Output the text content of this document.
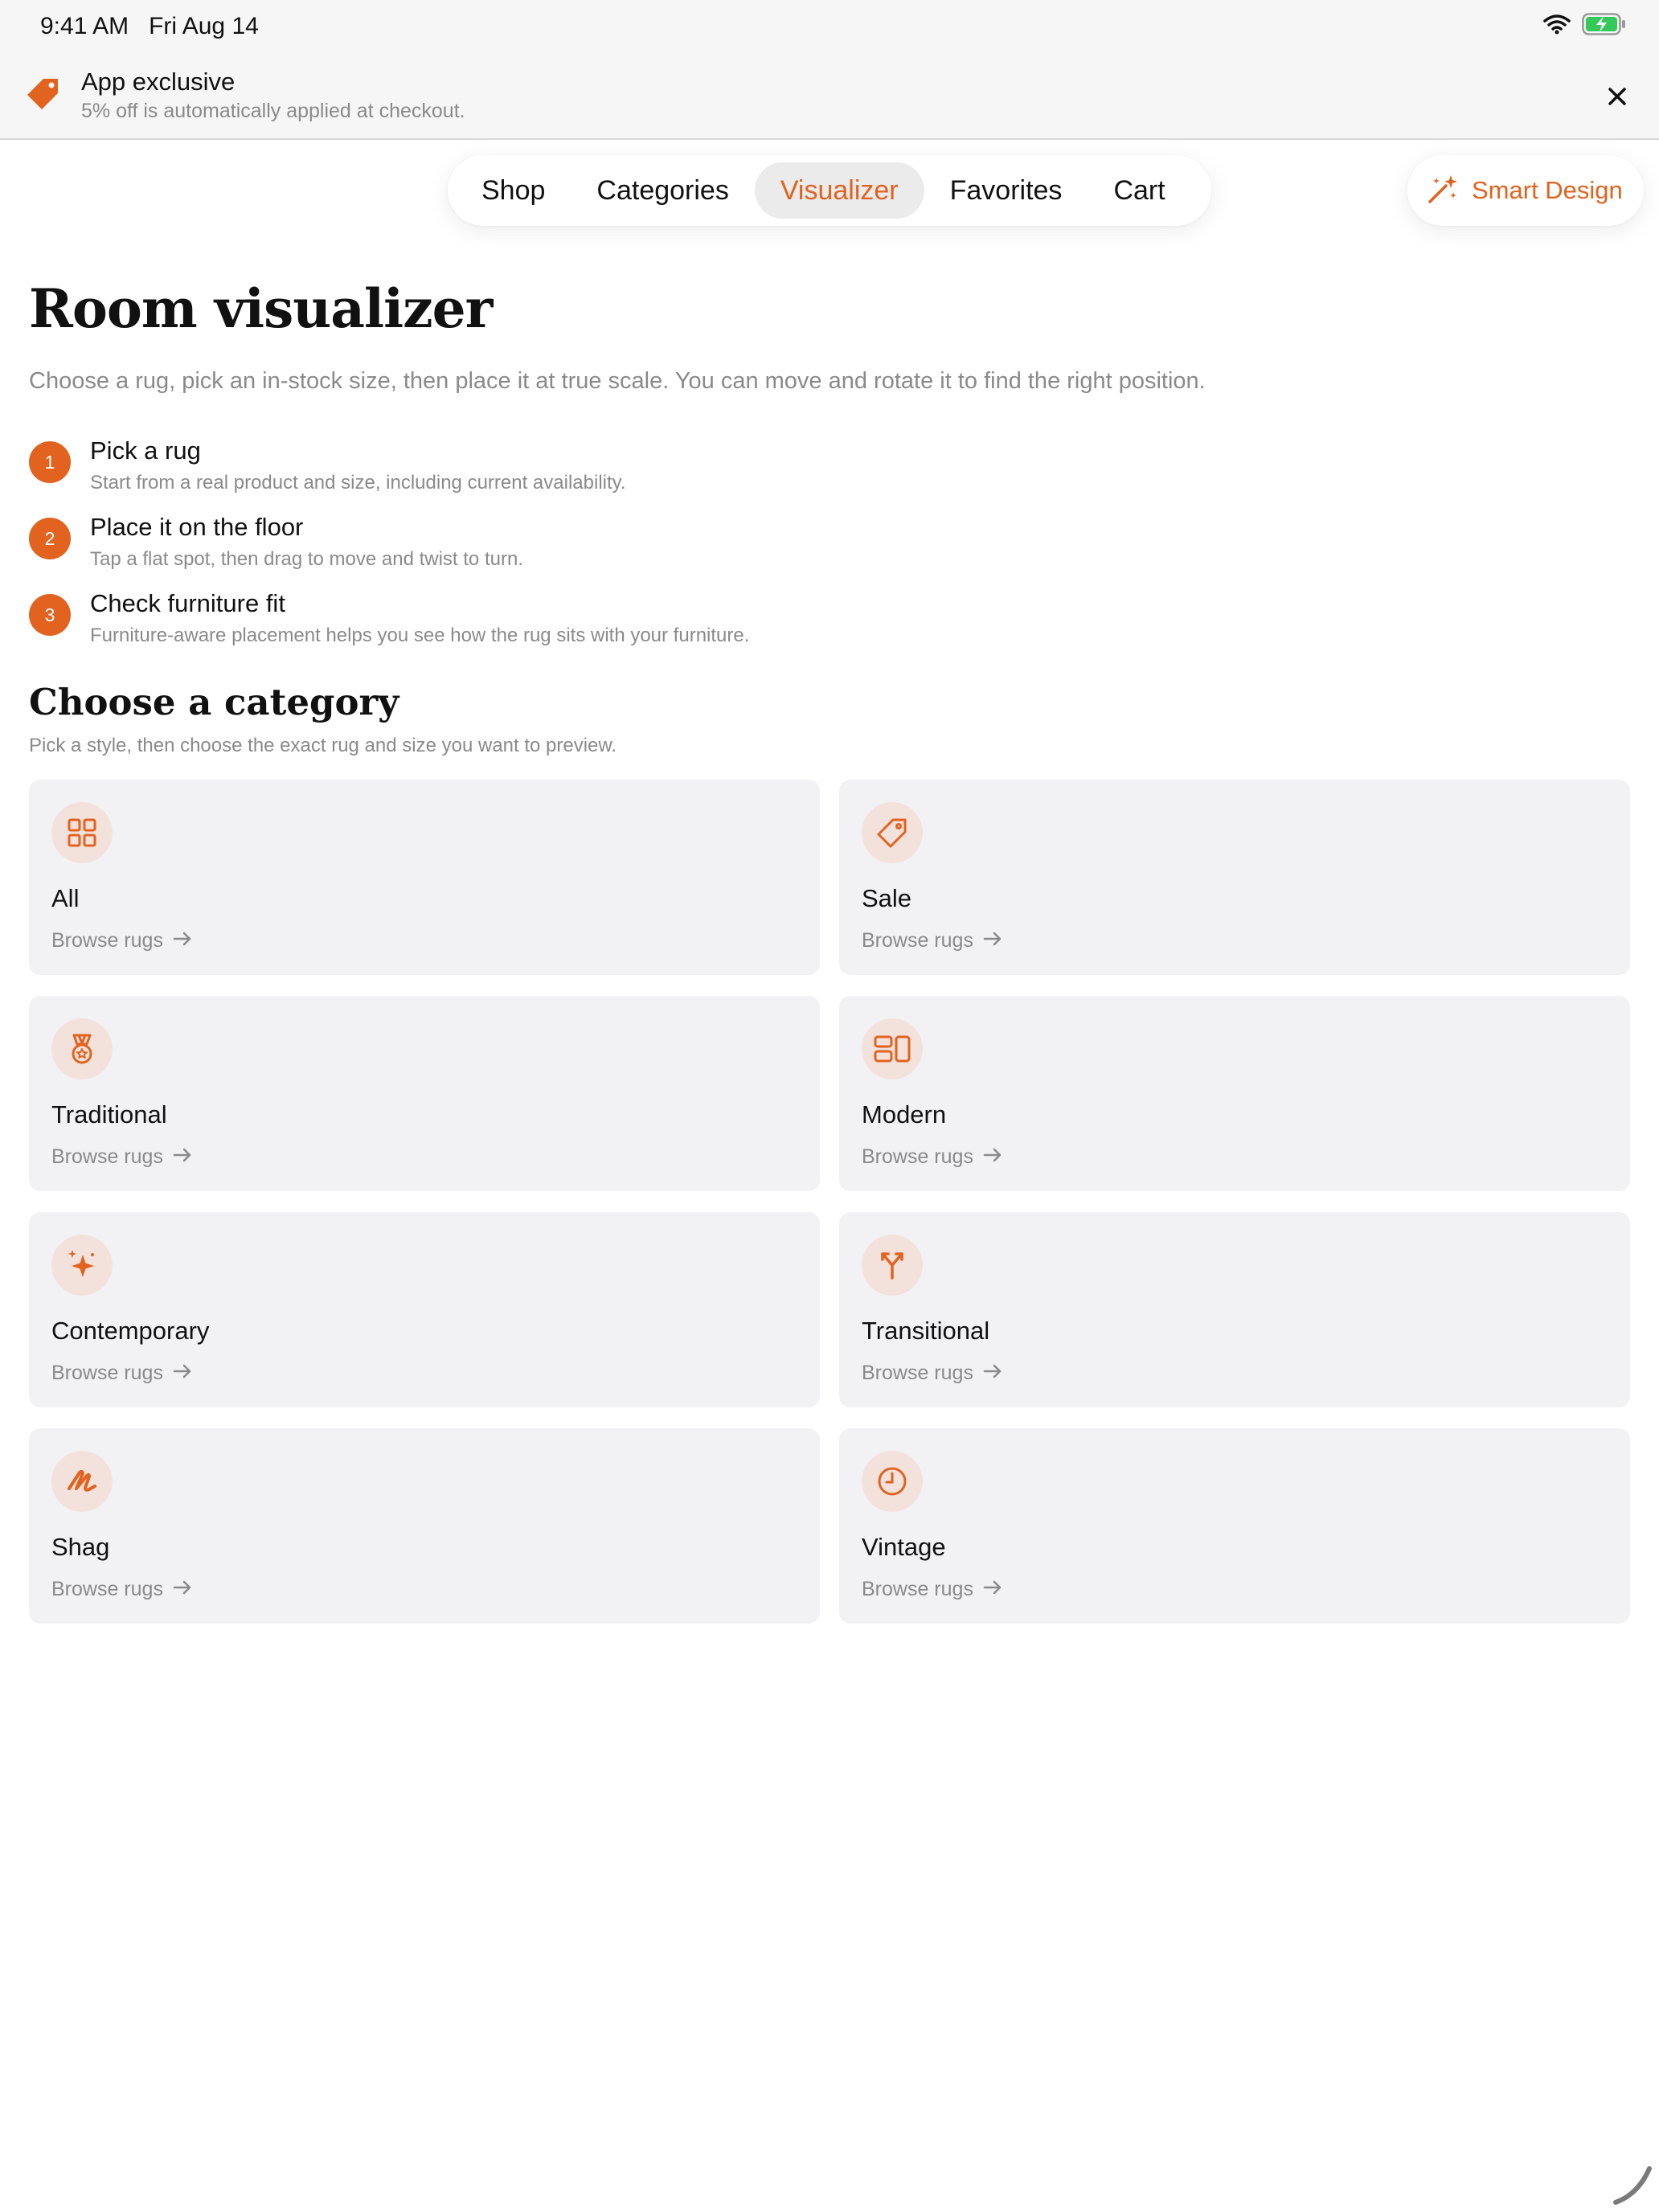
9:41 AM   Fri Aug 14
App exclusive
5% off is automatically applied at checkout.
Shop	Categories	Visualizer	Favorites	Cart	Smart Design
Room visualizer
Choose a rug, pick an in-stock size, then place it at true scale. You can move and rotate it to find the right position.
1	Pick a rug
Start from a real product and size, including current availability.
2	Place it on the floor
Tap a flat spot, then drag to move and twist to turn.
3	Check furniture fit
Furniture-aware placement helps you see how the rug sits with your furniture.
Choose a category
Pick a style, then choose the exact rug and size you want to preview.
All
Browse rugs
Sale
Browse rugs
Traditional
Browse rugs
Modern
Browse rugs
Contemporary
Browse rugs
Transitional
Browse rugs
Shag
Browse rugs
Vintage
Browse rugs
